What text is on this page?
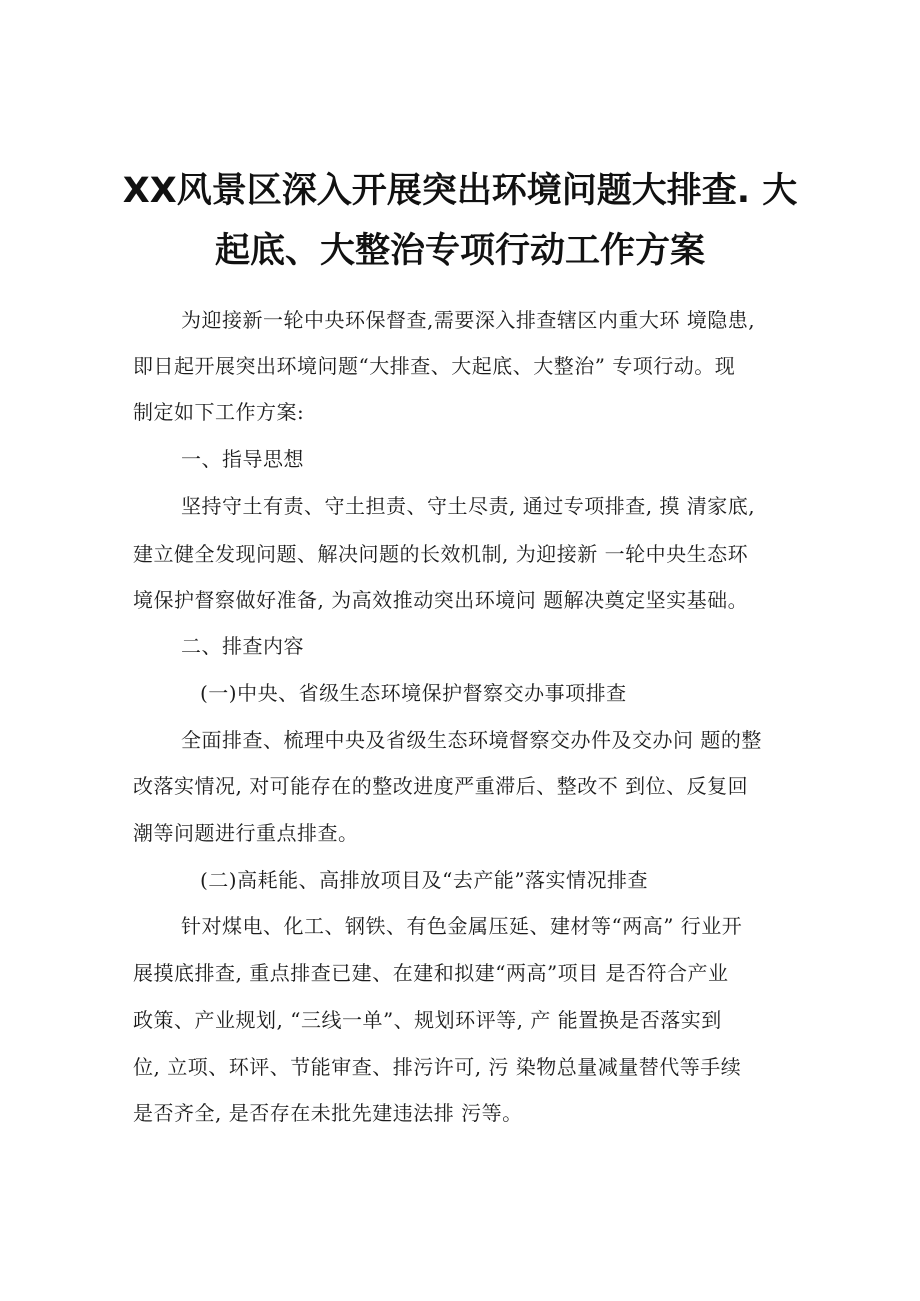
XX风景区深入开展突出环境问题大排查. 大
起底、大整治专项行动工作方案
为迎接新一轮中央环保督查,需要深入排查辖区内重大环 境隐患,
即日起开展突出环境问题“大排查、大起底、大整治” 专项行动。现
制定如下工作方案:
一、指导思想
坚持守土有责、守土担责、守土尽责, 通过专项排查, 摸 清家底,
建立健全发现问题、解决问题的长效机制, 为迎接新 一轮中央生态环
境保护督察做好准备, 为高效推动突出环境问 题解决奠定坚实基础。
二、排查内容
(一)中央、省级生态环境保护督察交办事项排查
全面排查、梳理中央及省级生态环境督察交办件及交办问 题的整
改落实情况, 对可能存在的整改进度严重滞后、整改不 到位、反复回
潮等问题进行重点排查。
(二)高耗能、高排放项目及“去产能”落实情况排查
针对煤电、化工、钢铁、有色金属压延、建材等“两高” 行业开
展摸底排查, 重点排查已建、在建和拟建“两高”项目 是否符合产业
政策、产业规划, “三线一单”、规划环评等, 产 能置换是否落实到
位, 立项、环评、节能审查、排污许可, 污 染物总量减量替代等手续
是否齐全, 是否存在未批先建违法排 污等。
